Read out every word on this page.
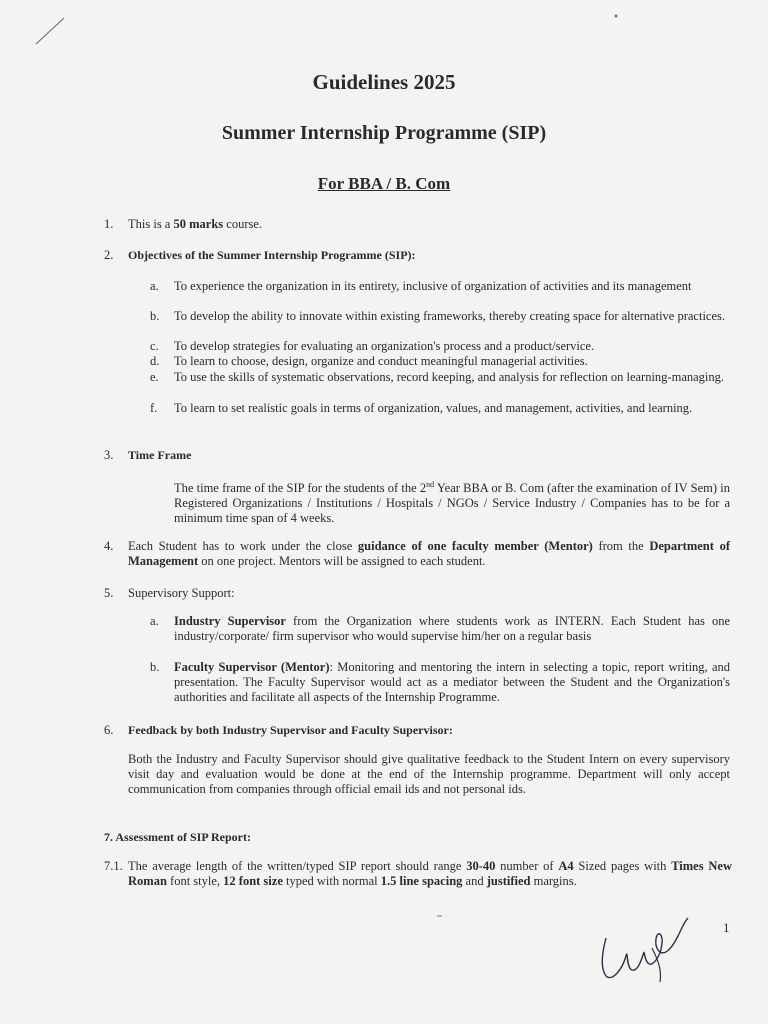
Guidelines 2025
Summer Internship Programme (SIP)
For BBA / B. Com
1. This is a 50 marks course.
2. Objectives of the Summer Internship Programme (SIP):
a. To experience the organization in its entirety, inclusive of organization of activities and its management
b. To develop the ability to innovate within existing frameworks, thereby creating space for alternative practices.
c. To develop strategies for evaluating an organization's process and a product/service.
d. To learn to choose, design, organize and conduct meaningful managerial activities.
e. To use the skills of systematic observations, record keeping, and analysis for reflection on learning-managing.
f. To learn to set realistic goals in terms of organization, values, and management, activities, and learning.
3. Time Frame
The time frame of the SIP for the students of the 2nd Year BBA or B. Com (after the examination of IV Sem) in Registered Organizations / Institutions / Hospitals / NGOs / Service Industry / Companies has to be for a minimum time span of 4 weeks.
4. Each Student has to work under the close guidance of one faculty member (Mentor) from the Department of Management on one project. Mentors will be assigned to each student.
5. Supervisory Support:
a. Industry Supervisor from the Organization where students work as INTERN. Each Student has one industry/corporate/ firm supervisor who would supervise him/her on a regular basis
b. Faculty Supervisor (Mentor): Monitoring and mentoring the intern in selecting a topic, report writing, and presentation. The Faculty Supervisor would act as a mediator between the Student and the Organization's authorities and facilitate all aspects of the Internship Programme.
6. Feedback by both Industry Supervisor and Faculty Supervisor:
Both the Industry and Faculty Supervisor should give qualitative feedback to the Student Intern on every supervisory visit day and evaluation would be done at the end of the Internship programme. Department will only accept communication from companies through official email ids and not personal ids.
7. Assessment of SIP Report:
7.1. The average length of the written/typed SIP report should range 30-40 number of A4 Sized pages with Times New Roman font style, 12 font size typed with normal 1.5 line spacing and justified margins.
1
